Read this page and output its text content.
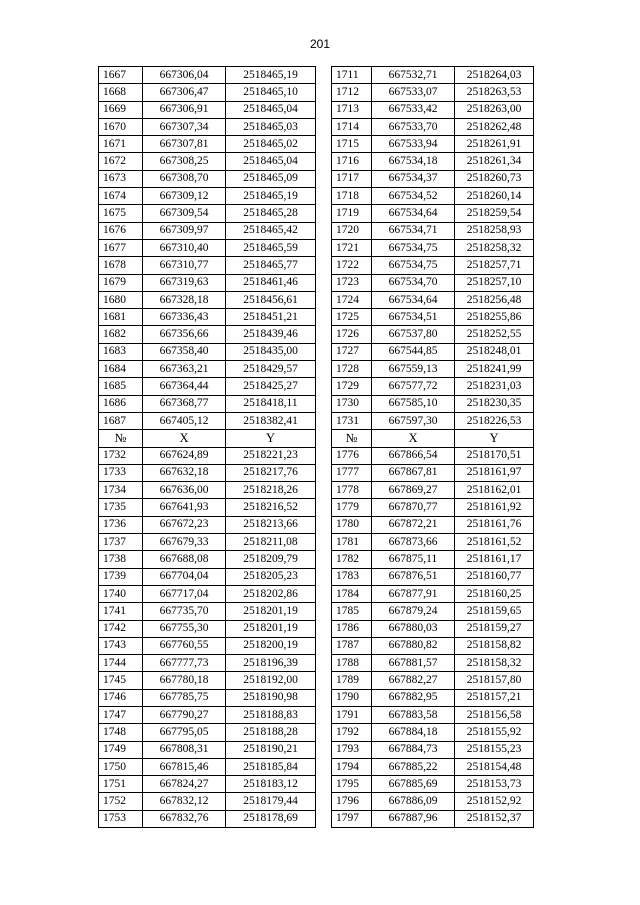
201
1667	667306,04	2518465,19		1711	667532,71	2518264,03
1668	667306,47	2518465,10		1712	667533,07	2518263,53
1669	667306,91	2518465,04		1713	667533,42	2518263,00
1670	667307,34	2518465,03		1714	667533,70	2518262,48
1671	667307,81	2518465,02		1715	667533,94	2518261,91
1672	667308,25	2518465,04		1716	667534,18	2518261,34
1673	667308,70	2518465,09		1717	667534,37	2518260,73
1674	667309,12	2518465,19		1718	667534,52	2518260,14
1675	667309,54	2518465,28		1719	667534,64	2518259,54
1676	667309,97	2518465,42		1720	667534,71	2518258,93
1677	667310,40	2518465,59		1721	667534,75	2518258,32
1678	667310,77	2518465,77		1722	667534,75	2518257,71
1679	667319,63	2518461,46		1723	667534,70	2518257,10
1680	667328,18	2518456,61		1724	667534,64	2518256,48
1681	667336,43	2518451,21		1725	667534,51	2518255,86
1682	667356,66	2518439,46		1726	667537,80	2518252,55
1683	667358,40	2518435,00		1727	667544,85	2518248,01
1684	667363,21	2518429,57		1728	667559,13	2518241,99
1685	667364,44	2518425,27		1729	667577,72	2518231,03
1686	667368,77	2518418,11		1730	667585,10	2518230,35
1687	667405,12	2518382,41		1731	667597,30	2518226,53
№	X	Y		№	X	Y
1732	667624,89	2518221,23		1776	667866,54	2518170,51
1733	667632,18	2518217,76		1777	667867,81	2518161,97
1734	667636,00	2518218,26		1778	667869,27	2518162,01
1735	667641,93	2518216,52		1779	667870,77	2518161,92
1736	667672,23	2518213,66		1780	667872,21	2518161,76
1737	667679,33	2518211,08		1781	667873,66	2518161,52
1738	667688,08	2518209,79		1782	667875,11	2518161,17
1739	667704,04	2518205,23		1783	667876,51	2518160,77
1740	667717,04	2518202,86		1784	667877,91	2518160,25
1741	667735,70	2518201,19		1785	667879,24	2518159,65
1742	667755,30	2518201,19		1786	667880,03	2518159,27
1743	667760,55	2518200,19		1787	667880,82	2518158,82
1744	667777,73	2518196,39		1788	667881,57	2518158,32
1745	667780,18	2518192,00		1789	667882,27	2518157,80
1746	667785,75	2518190,98		1790	667882,95	2518157,21
1747	667790,27	2518188,83		1791	667883,58	2518156,58
1748	667795,05	2518188,28		1792	667884,18	2518155,92
1749	667808,31	2518190,21		1793	667884,73	2518155,23
1750	667815,46	2518185,84		1794	667885,22	2518154,48
1751	667824,27	2518183,12		1795	667885,69	2518153,73
1752	667832,12	2518179,44		1796	667886,09	2518152,92
1753	667832,76	2518178,69		1797	667887,96	2518152,37
